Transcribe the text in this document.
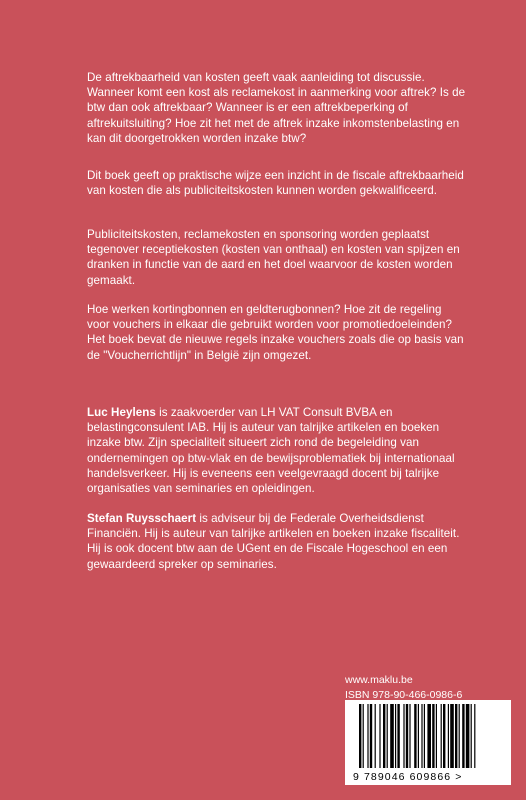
De aftrekbaarheid van kosten geeft vaak aanleiding tot discussie. Wanneer komt een kost als reclamekost in aanmerking voor aftrek? Is de btw dan ook aftrekbaar? Wanneer is er een aftrekbeperking of aftrekuitsluiting? Hoe zit het met de aftrek inzake inkomstenbelasting en kan dit doorgetrokken worden inzake btw?

Dit boek geeft op praktische wijze een inzicht in de fiscale aftrekbaarheid van kosten die als publiciteitskosten kunnen worden gekwalificeerd.

Publiciteitskosten, reclamekosten en sponsoring worden geplaatst tegenover receptiekosten (kosten van onthaal) en kosten van spijzen en dranken in functie van de aard en het doel waarvoor de kosten worden gemaakt.

Hoe werken kortingbonnen en geldterugbonnen? Hoe zit de regeling voor vouchers in elkaar die gebruikt worden voor promotiedoeleinden? Het boek bevat de nieuwe regels inzake vouchers zoals die op basis van de "Voucherrichtlijn" in België zijn omgezet.

Luc Heylens is zaakvoerder van LH VAT Consult BVBA en belastingconsulent IAB. Hij is auteur van talrijke artikelen en boeken inzake btw. Zijn specialiteit situeert zich rond de begeleiding van ondernemingen op btw-vlak en de bewijsproblematiek bij internationaal handelsverkeer. Hij is eveneens een veelgevraagd docent bij talrijke organisaties van seminaries en opleidingen.

Stefan Ruysschaert is adviseur bij de Federale Overheidsdienst Financiën. Hij is auteur van talrijke artikelen en boeken inzake fiscaliteit. Hij is ook docent btw aan de UGent en de Fiscale Hogeschool en een gewaardeerd spreker op seminaries.

www.maklu.be
ISBN 978-90-466-0986-6
9 789046 609866 >
